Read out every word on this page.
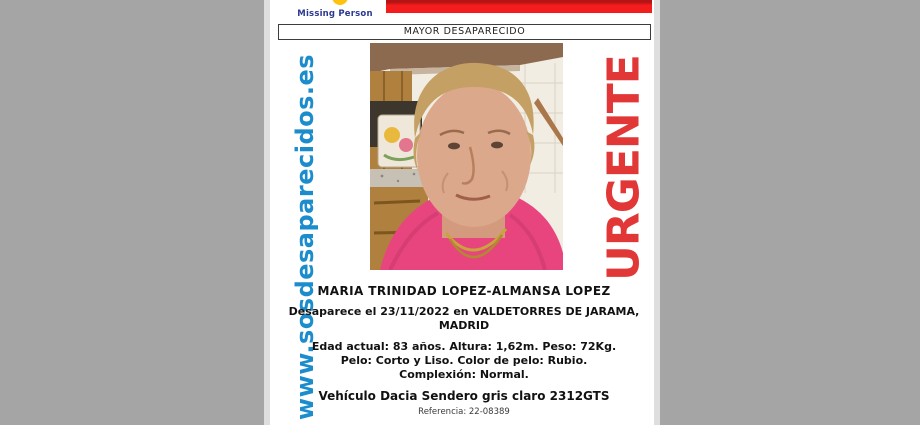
Missing Person
MAYOR DESAPARECIDO
www.sosdesaparecidos.es	URGENTE
MARIA TRINIDAD LOPEZ-ALMANSA LOPEZ
Desaparece el 23/11/2022 en VALDETORRES DE JARAMA,
MADRID
Edad actual: 83 años. Altura: 1,62m. Peso: 72Kg.
Pelo: Corto y Liso. Color de pelo: Rubio.
Complexión: Normal.
Vehículo Dacia Sendero gris claro 2312GTS
Referencia: 22-08389
